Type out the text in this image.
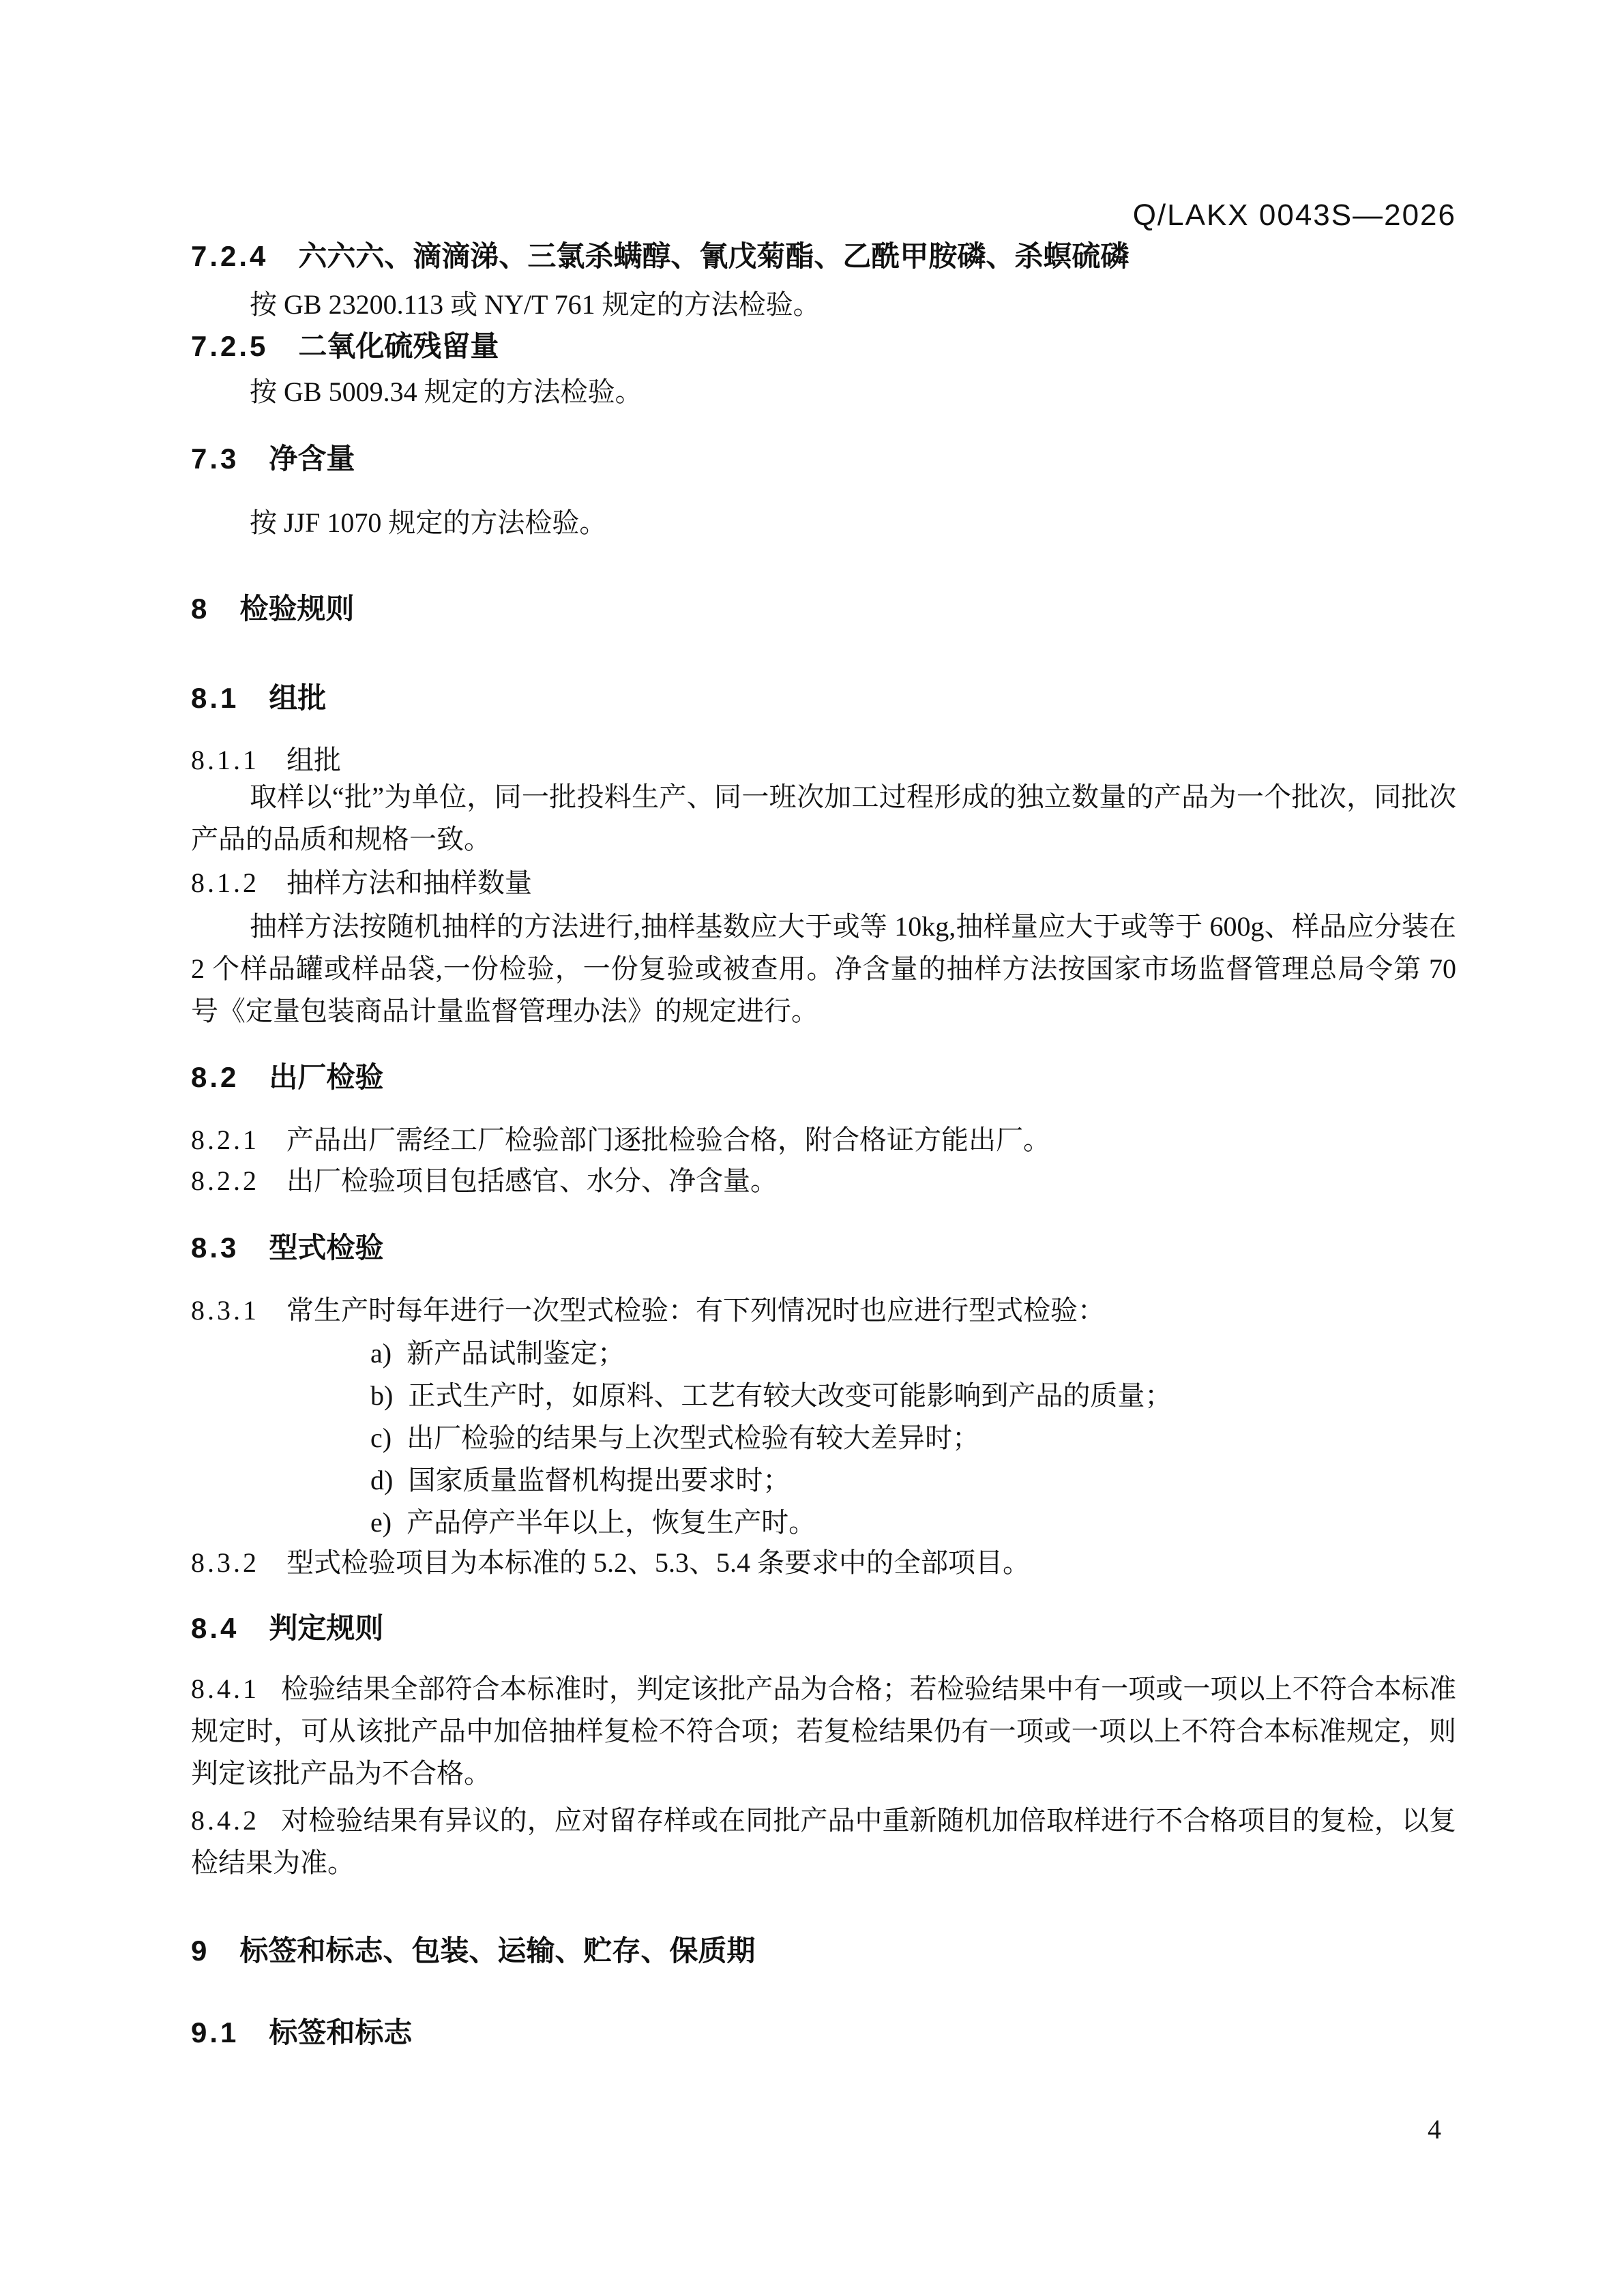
Q/LAKX 0043S—2026
7.2.4 六六六、滴滴涕、三氯杀螨醇、氰戊菊酯、乙酰甲胺磷、杀螟硫磷
按 GB 23200.113 或 NY/T 761 规定的方法检验。
7.2.5 二氧化硫残留量
按 GB 5009.34 规定的方法检验。
7.3 净含量
按 JJF 1070 规定的方法检验。
8 检验规则
8.1 组批
8.1.1 组批
取样以“批”为单位，同一批投料生产、同一班次加工过程形成的独立数量的产品为一个批次，同批次产品的品质和规格一致。
8.1.2 抽样方法和抽样数量
抽样方法按随机抽样的方法进行,抽样基数应大于或等 10kg,抽样量应大于或等于 600g、样品应分装在 2 个样品罐或样品袋,一份检验，一份复验或被查用。净含量的抽样方法按国家市场监督管理总局令第 70 号《定量包装商品计量监督管理办法》的规定进行。
8.2 出厂检验
8.2.1 产品出厂需经工厂检验部门逐批检验合格，附合格证方能出厂。
8.2.2 出厂检验项目包括感官、水分、净含量。
8.3 型式检验
8.3.1 常生产时每年进行一次型式检验：有下列情况时也应进行型式检验：
a) 新产品试制鉴定；
b) 正式生产时，如原料、工艺有较大改变可能影响到产品的质量；
c) 出厂检验的结果与上次型式检验有较大差异时；
d) 国家质量监督机构提出要求时；
e) 产品停产半年以上，恢复生产时。
8.3.2 型式检验项目为本标准的 5.2、5.3、5.4 条要求中的全部项目。
8.4 判定规则
8.4.1 检验结果全部符合本标准时，判定该批产品为合格；若检验结果中有一项或一项以上不符合本标准规定时，可从该批产品中加倍抽样复检不符合项；若复检结果仍有一项或一项以上不符合本标准规定，则判定该批产品为不合格。
8.4.2 对检验结果有异议的，应对留存样或在同批产品中重新随机加倍取样进行不合格项目的复检，以复检结果为准。
9 标签和标志、包装、运输、贮存、保质期
9.1 标签和标志
4
